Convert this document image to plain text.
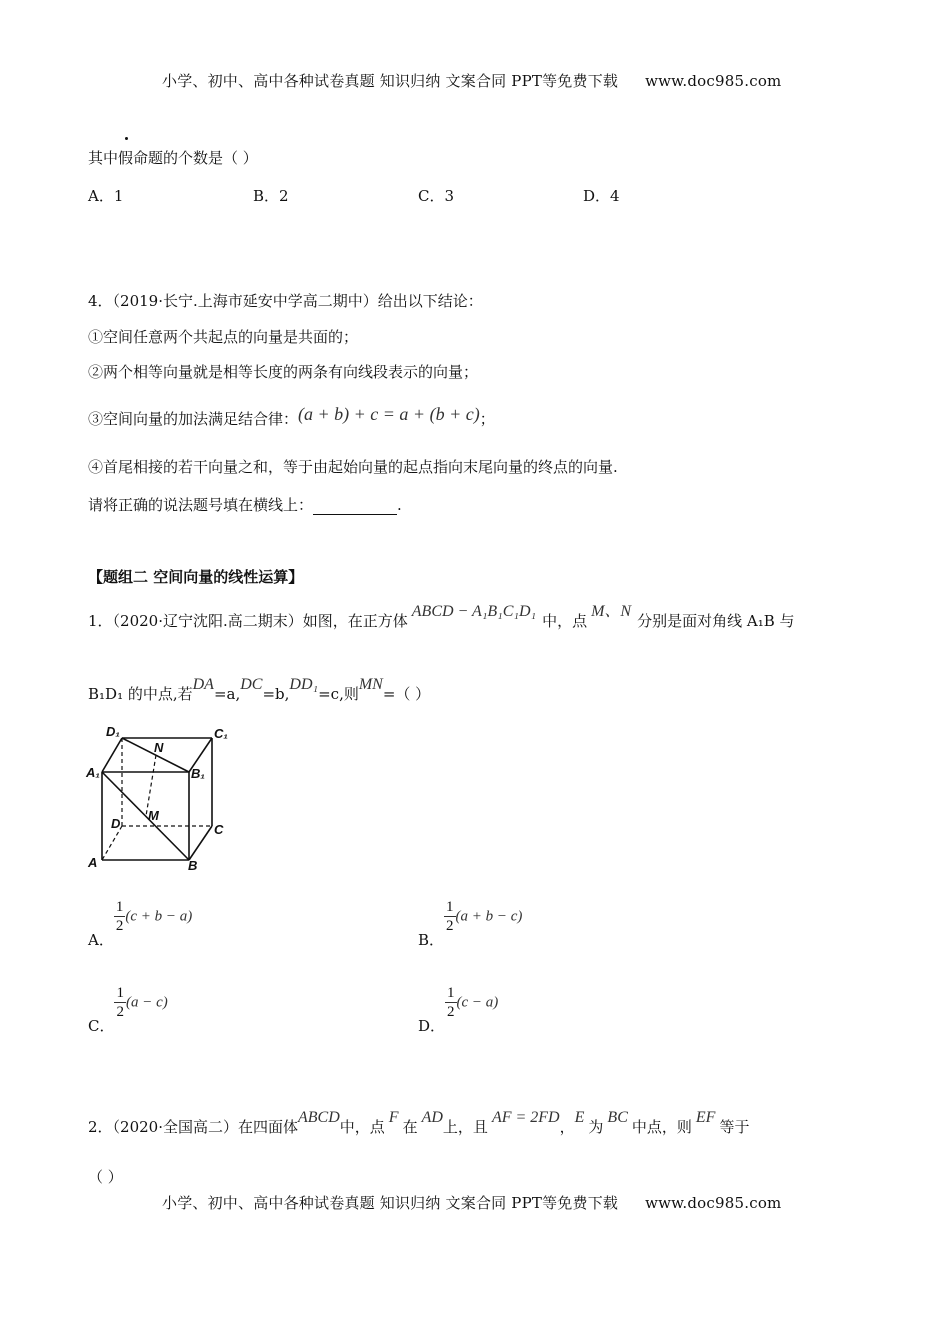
小学、初中、高中各种试卷真题 知识归纳 文案合同 PPT等免费下载 www.doc985.com
其中假命题的个数是（ ）
A．1	B．2	C．3	D．4
4．（2019·长宁.上海市延安中学高二期中）给出以下结论：
①空间任意两个共起点的向量是共面的；
②两个相等向量就是相等长度的两条有向线段表示的向量；
③空间向量的加法满足结合律：(a + b) + c = a + (b + c)；
④首尾相接的若干向量之和，等于由起始向量的起点指向末尾向量的终点的向量.
请将正确的说法题号填在横线上：	.
【题组二 空间向量的线性运算】
1．（2020·辽宁沈阳.高二期末）如图，在正方体ABCD − A₁B₁C₁D₁中，点M、N分别是面对角线 A₁B 与
B₁D₁ 的中点,若DA=a,DC=b,DD₁=c,则MN=（ ）
D₁	C₁
A₁	B₁
N
D
M
C
A	B
A．
$\frac{1}{2} (c + b - a)$
B．
$\frac{1}{2} (a + b - c)$
C．
$\frac{1}{2} (a - c)$
D．
$\frac{1}{2} (c - a)$
2．（2020·全国高二）在四面体ABCD中，点F在AD上，且AF = 2FD，E为BC中点，则EF等于
（ ）
小学、初中、高中各种试卷真题 知识归纳 文案合同 PPT等免费下载 www.doc985.com
